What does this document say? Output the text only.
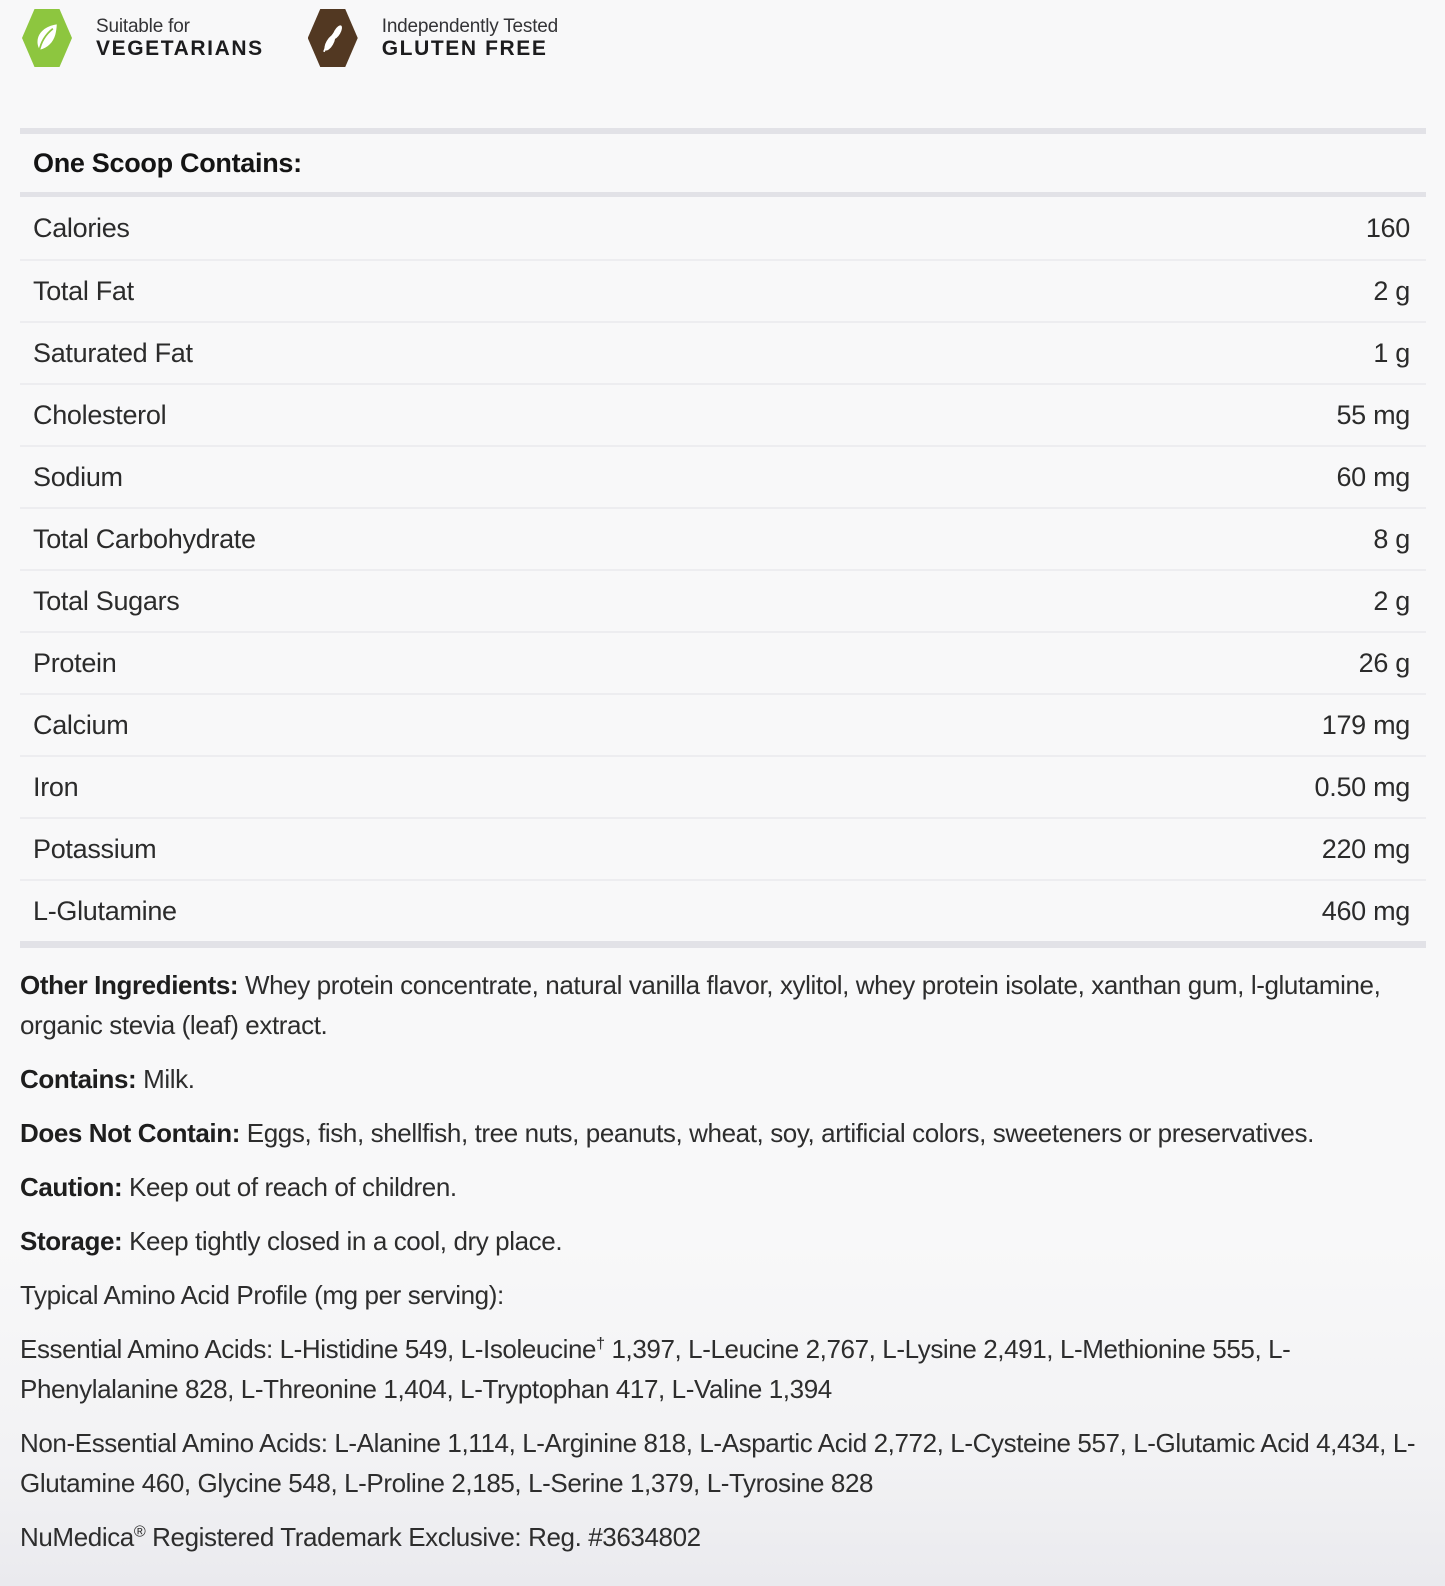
Suitable for
VEGETARIANS
Independently Tested
GLUTEN FREE
One Scoop Contains:
Calories	160
Total Fat	2 g
Saturated Fat	1 g
Cholesterol	55 mg
Sodium	60 mg
Total Carbohydrate	8 g
Total Sugars	2 g
Protein	26 g
Calcium	179 mg
Iron	0.50 mg
Potassium	220 mg
L-Glutamine	460 mg

Other Ingredients: Whey protein concentrate, natural vanilla flavor, xylitol, whey protein isolate, xanthan gum, l-glutamine, organic stevia (leaf) extract.

Contains: Milk.

Does Not Contain: Eggs, fish, shellfish, tree nuts, peanuts, wheat, soy, artificial colors, sweeteners or preservatives.

Caution: Keep out of reach of children.

Storage: Keep tightly closed in a cool, dry place.

Typical Amino Acid Profile (mg per serving):

Essential Amino Acids: L-Histidine 549, L-Isoleucine† 1,397, L-Leucine 2,767, L-Lysine 2,491, L-Methionine 555, L-Phenylalanine 828, L-Threonine 1,404, L-Tryptophan 417, L-Valine 1,394

Non-Essential Amino Acids: L-Alanine 1,114, L-Arginine 818, L-Aspartic Acid 2,772, L-Cysteine 557, L-Glutamic Acid 4,434, L-Glutamine 460, Glycine 548, L-Proline 2,185, L-Serine 1,379, L-Tyrosine 828

NuMedica® Registered Trademark Exclusive: Reg. #3634802
